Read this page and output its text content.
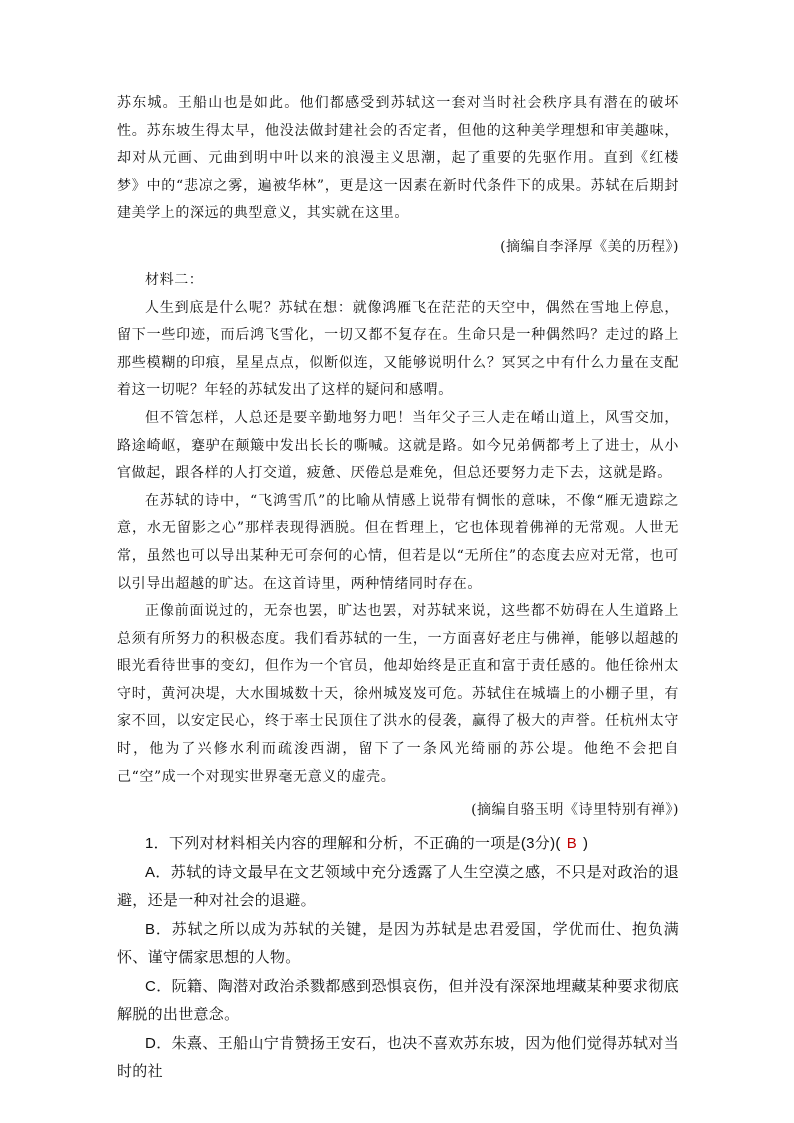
苏东城。王船山也是如此。他们都感受到苏轼这一套对当时社会秩序具有潜在的破坏性。苏东坡生得太早，他没法做封建社会的否定者，但他的这种美学理想和审美趣味，却对从元画、元曲到明中叶以来的浪漫主义思潮，起了重要的先驱作用。直到《红楼梦》中的“悲凉之雾，遍被华林”，更是这一因素在新时代条件下的成果。苏轼在后期封建美学上的深远的典型意义，其实就在这里。

(摘编自李泽厚《美的历程》)

材料二：

人生到底是什么呢？苏轼在想：就像鸿雁飞在茫茫的天空中，偶然在雪地上停息，留下一些印迹，而后鸿飞雪化，一切又都不复存在。生命只是一种偶然吗？走过的路上那些模糊的印痕，星星点点，似断似连，又能够说明什么？冥冥之中有什么力量在支配着这一切呢？年轻的苏轼发出了这样的疑问和感喟。

但不管怎样，人总还是要辛勤地努力吧！当年父子三人走在崤山道上，风雪交加，路途崎岖，蹇驴在颠簸中发出长长的嘶喊。这就是路。如今兄弟俩都考上了进士，从小官做起，跟各样的人打交道，疲惫、厌倦总是难免，但总还要努力走下去，这就是路。

在苏轼的诗中，“飞鸿雪爪”的比喻从情感上说带有惆怅的意味，不像“雁无遗踪之意，水无留影之心”那样表现得洒脱。但在哲理上，它也体现着佛禅的无常观。人世无常，虽然也可以导出某种无可奈何的心情，但若是以“无所住”的态度去应对无常，也可以引导出超越的旷达。在这首诗里，两种情绪同时存在。

正像前面说过的，无奈也罢，旷达也罢，对苏轼来说，这些都不妨碍在人生道路上总须有所努力的积极态度。我们看苏轼的一生，一方面喜好老庄与佛禅，能够以超越的眼光看待世事的变幻，但作为一个官员，他却始终是正直和富于责任感的。他任徐州太守时，黄河决堤，大水围城数十天，徐州城岌岌可危。苏轼住在城墙上的小棚子里，有家不回，以安定民心，终于率士民顶住了洪水的侵袭，赢得了极大的声誉。任杭州太守时，他为了兴修水利而疏浚西湖，留下了一条风光绮丽的苏公堤。他绝不会把自己“空”成一个对现实世界毫无意义的虚壳。

(摘编自骆玉明《诗里特别有禅》)

1．下列对材料相关内容的理解和分析，不正确的一项是(3分)( B )

A．苏轼的诗文最早在文艺领域中充分透露了人生空漠之感，不只是对政治的退避，还是一种对社会的退避。

B．苏轼之所以成为苏轼的关键，是因为苏轼是忠君爱国，学优而仕、抱负满怀、谨守儒家思想的人物。

C．阮籍、陶潜对政治杀戮都感到恐惧哀伤，但并没有深深地埋藏某种要求彻底解脱的出世意念。

D．朱熹、王船山宁肯赞扬王安石，也决不喜欢苏东坡，因为他们觉得苏轼对当时的社
